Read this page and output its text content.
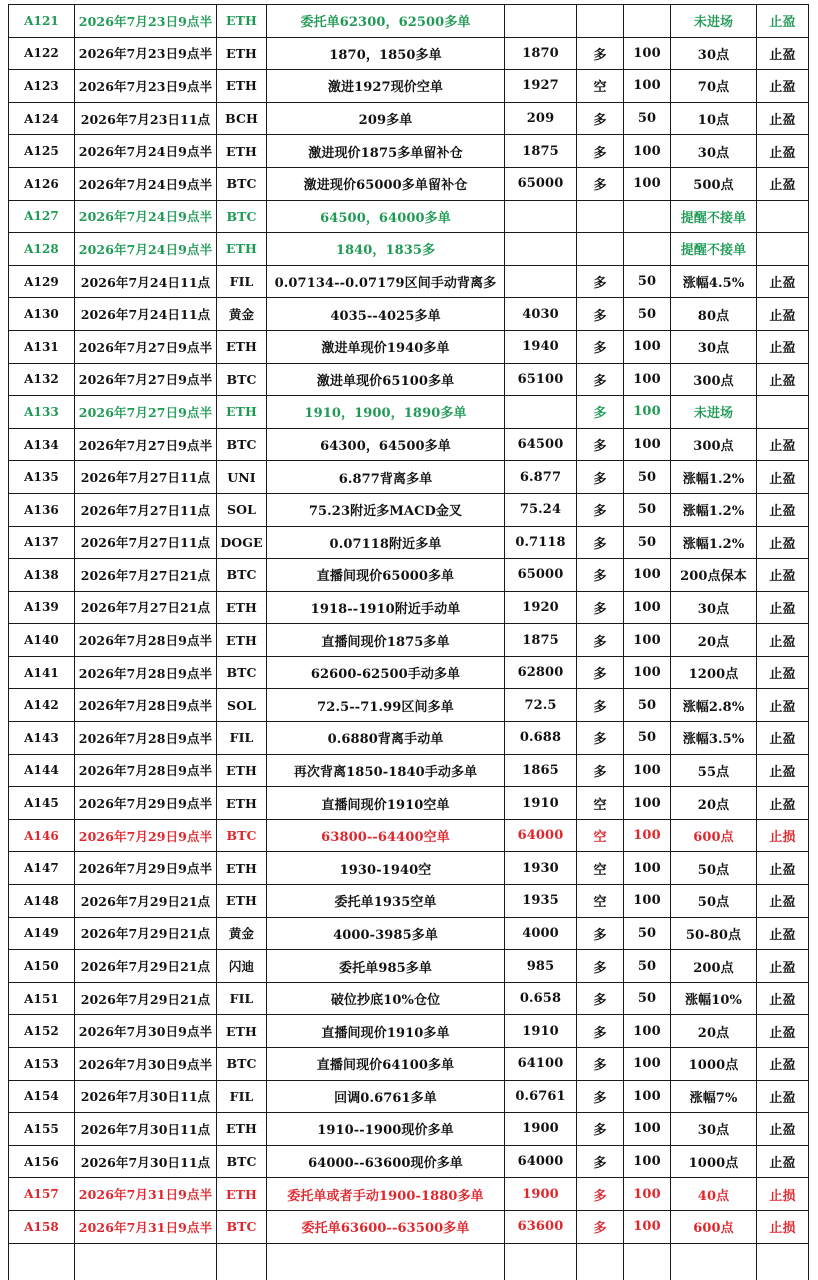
A121	2026年7月23日9点半	ETH	委托单62300，62500多单				未进场	止盈
A122	2026年7月23日9点半	ETH	1870，1850多单	1870	多	100	30点	止盈
A123	2026年7月23日9点半	ETH	激进1927现价空单	1927	空	100	70点	止盈
A124	2026年7月23日11点	BCH	209多单	209	多	50	10点	止盈
A125	2026年7月24日9点半	ETH	激进现价1875多单留补仓	1875	多	100	30点	止盈
A126	2026年7月24日9点半	BTC	激进现价65000多单留补仓	65000	多	100	500点	止盈
A127	2026年7月24日9点半	BTC	64500，64000多单				提醒不接单	
A128	2026年7月24日9点半	ETH	1840，1835多				提醒不接单	
A129	2026年7月24日11点	FIL	0.07134--0.07179区间手动背离多		多	50	涨幅4.5%	止盈
A130	2026年7月24日11点	黄金	4035--4025多单	4030	多	50	80点	止盈
A131	2026年7月27日9点半	ETH	激进单现价1940多单	1940	多	100	30点	止盈
A132	2026年7月27日9点半	BTC	激进单现价65100多单	65100	多	100	300点	止盈
A133	2026年7月27日9点半	ETH	1910，1900，1890多单		多	100	未进场	
A134	2026年7月27日9点半	BTC	64300，64500多单	64500	多	100	300点	止盈
A135	2026年7月27日11点	UNI	6.877背离多单	6.877	多	50	涨幅1.2%	止盈
A136	2026年7月27日11点	SOL	75.23附近多MACD金叉	75.24	多	50	涨幅1.2%	止盈
A137	2026年7月27日11点	DOGE	0.07118附近多单	0.7118	多	50	涨幅1.2%	止盈
A138	2026年7月27日21点	BTC	直播间现价65000多单	65000	多	100	200点保本	止盈
A139	2026年7月27日21点	ETH	1918--1910附近手动单	1920	多	100	30点	止盈
A140	2026年7月28日9点半	ETH	直播间现价1875多单	1875	多	100	20点	止盈
A141	2026年7月28日9点半	BTC	62600-62500手动多单	62800	多	100	1200点	止盈
A142	2026年7月28日9点半	SOL	72.5--71.99区间多单	72.5	多	50	涨幅2.8%	止盈
A143	2026年7月28日9点半	FIL	0.6880背离手动单	0.688	多	50	涨幅3.5%	止盈
A144	2026年7月28日9点半	ETH	再次背离1850-1840手动多单	1865	多	100	55点	止盈
A145	2026年7月29日9点半	ETH	直播间现价1910空单	1910	空	100	20点	止盈
A146	2026年7月29日9点半	BTC	63800--64400空单	64000	空	100	600点	止损
A147	2026年7月29日9点半	ETH	1930-1940空	1930	空	100	50点	止盈
A148	2026年7月29日21点	ETH	委托单1935空单	1935	空	100	50点	止盈
A149	2026年7月29日21点	黄金	4000-3985多单	4000	多	50	50-80点	止盈
A150	2026年7月29日21点	闪迪	委托单985多单	985	多	50	200点	止盈
A151	2026年7月29日21点	FIL	破位抄底10%仓位	0.658	多	50	涨幅10%	止盈
A152	2026年7月30日9点半	ETH	直播间现价1910多单	1910	多	100	20点	止盈
A153	2026年7月30日9点半	BTC	直播间现价64100多单	64100	多	100	1000点	止盈
A154	2026年7月30日11点	FIL	回调0.6761多单	0.6761	多	100	涨幅7%	止盈
A155	2026年7月30日11点	ETH	1910--1900现价多单	1900	多	100	30点	止盈
A156	2026年7月30日11点	BTC	64000--63600现价多单	64000	多	100	1000点	止盈
A157	2026年7月31日9点半	ETH	委托单或者手动1900-1880多单	1900	多	100	40点	止损
A158	2026年7月31日9点半	BTC	委托单63600--63500多单	63600	多	100	600点	止损
